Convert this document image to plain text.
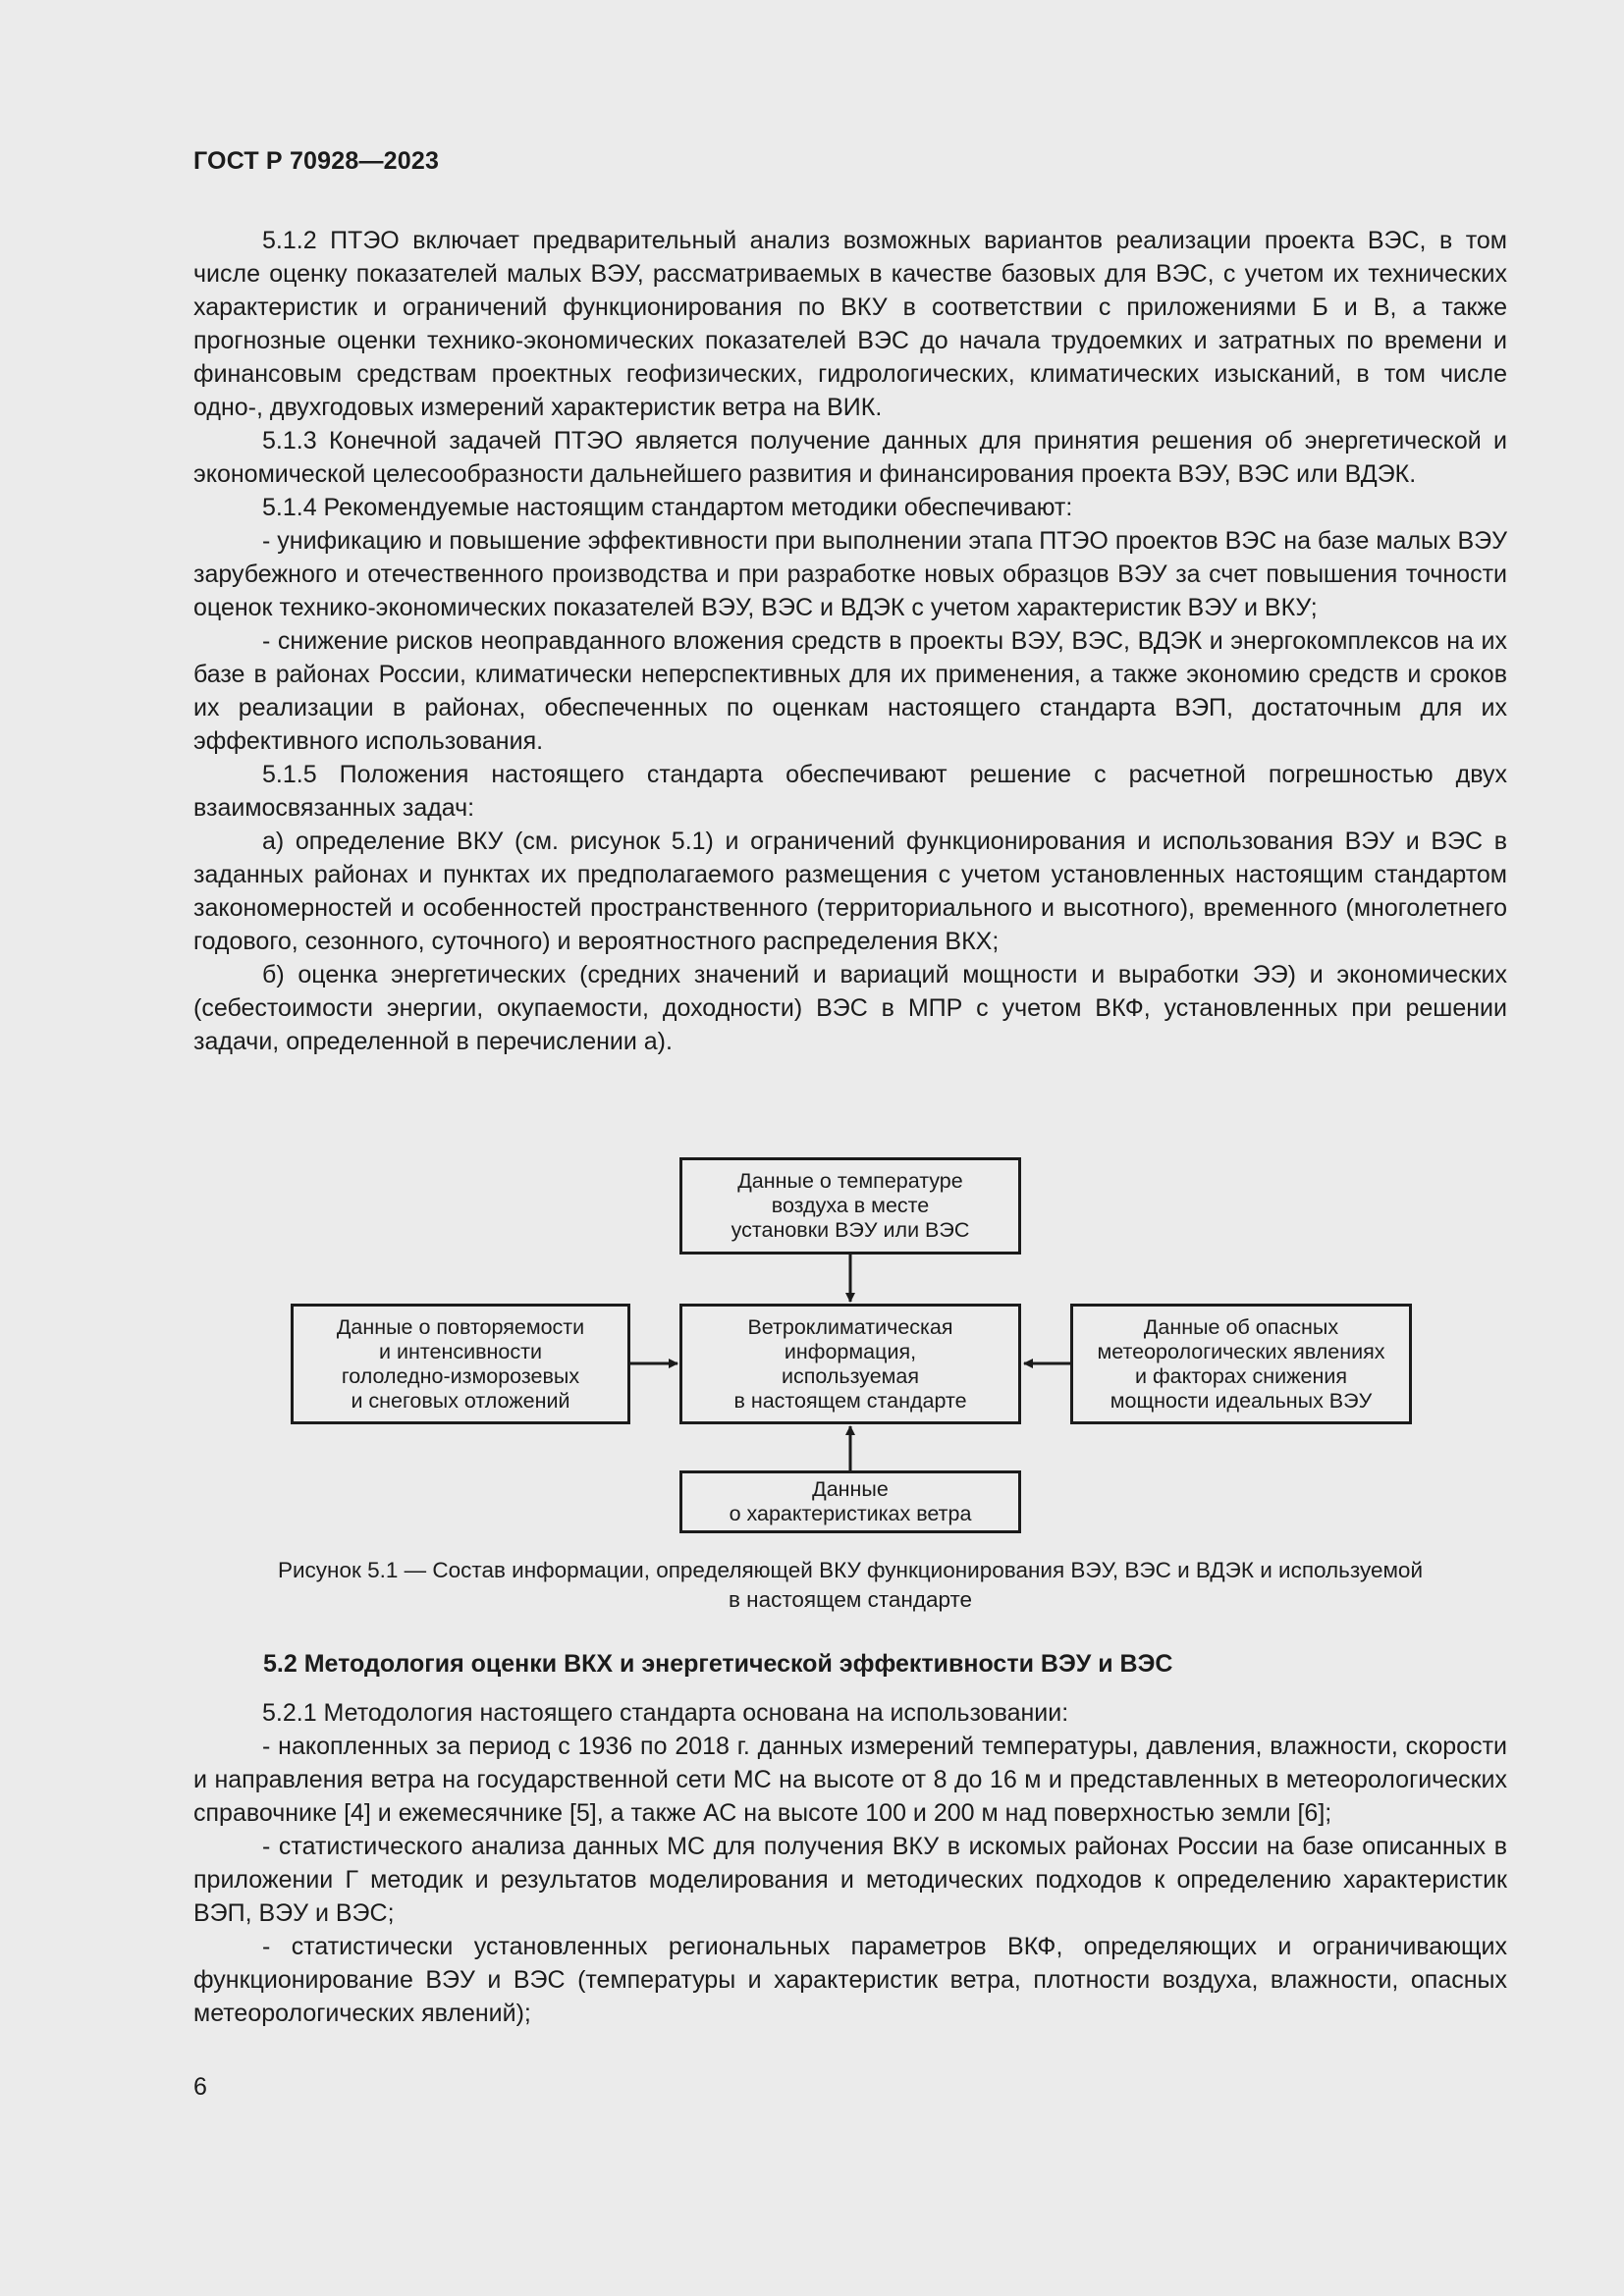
ГОСТ Р 70928—2023

5.1.2 ПТЭО включает предварительный анализ возможных вариантов реализации проекта ВЭС, в том числе оценку показателей малых ВЭУ, рассматриваемых в качестве базовых для ВЭС, с учетом их технических характеристик и ограничений функционирования по ВКУ в соответствии с приложениями Б и В, а также прогнозные оценки технико-экономических показателей ВЭС до начала трудоемких и затратных по времени и финансовым средствам проектных геофизических, гидрологических, климатических изысканий, в том числе одно-, двухгодовых измерений характеристик ветра на ВИК.

5.1.3 Конечной задачей ПТЭО является получение данных для принятия решения об энергетической и экономической целесообразности дальнейшего развития и финансирования проекта ВЭУ, ВЭС или ВДЭК.

5.1.4 Рекомендуемые настоящим стандартом методики обеспечивают:

- унификацию и повышение эффективности при выполнении этапа ПТЭО проектов ВЭС на базе малых ВЭУ зарубежного и отечественного производства и при разработке новых образцов ВЭУ за счет повышения точности оценок технико-экономических показателей ВЭУ, ВЭС и ВДЭК с учетом характеристик ВЭУ и ВКУ;

- снижение рисков неоправданного вложения средств в проекты ВЭУ, ВЭС, ВДЭК и энергокомплексов на их базе в районах России, климатически неперспективных для их применения, а также экономию средств и сроков их реализации в районах, обеспеченных по оценкам настоящего стандарта ВЭП, достаточным для их эффективного использования.

5.1.5 Положения настоящего стандарта обеспечивают решение с расчетной погрешностью двух взаимосвязанных задач:

а) определение ВКУ (см. рисунок 5.1) и ограничений функционирования и использования ВЭУ и ВЭС в заданных районах и пунктах их предполагаемого размещения с учетом установленных настоящим стандартом закономерностей и особенностей пространственного (территориального и высотного), временного (многолетнего годового, сезонного, суточного) и вероятностного распределения ВКХ;

б) оценка энергетических (средних значений и вариаций мощности и выработки ЭЭ) и экономических (себестоимости энергии, окупаемости, доходности) ВЭС в МПР с учетом ВКФ, установленных при решении задачи, определенной в перечислении а).

Данные о температуре
воздуха в месте
установки ВЭУ или ВЭС
Данные о повторяемости
и интенсивности
гололедно-изморозевых
и снеговых отложений
Ветроклиматическая
информация,
используемая
в настоящем стандарте
Данные об опасных
метеорологических явлениях
и факторах снижения
мощности идеальных ВЭУ
Данные
о характеристиках ветра
Рисунок 5.1 — Состав информации, определяющей ВКУ функционирования ВЭУ, ВЭС и ВДЭК и используемой
в настоящем стандарте
5.2 Методология оценки ВКХ и энергетической эффективности ВЭУ и ВЭС

5.2.1 Методология настоящего стандарта основана на использовании:

- накопленных за период с 1936 по 2018 г. данных измерений температуры, давления, влажности, скорости и направления ветра на государственной сети МС на высоте от 8 до 16 м и представленных в метеорологических справочнике [4] и ежемесячнике [5], а также АС на высоте 100 и 200 м над поверхностью земли [6];

- статистического анализа данных МС для получения ВКУ в искомых районах России на базе описанных в приложении Г методик и результатов моделирования и методических подходов к определению характеристик ВЭП, ВЭУ и ВЭС;

- статистически установленных региональных параметров ВКФ, определяющих и ограничивающих функционирование ВЭУ и ВЭС (температуры и характеристик ветра, плотности воздуха, влажности, опасных метеорологических явлений);

6
